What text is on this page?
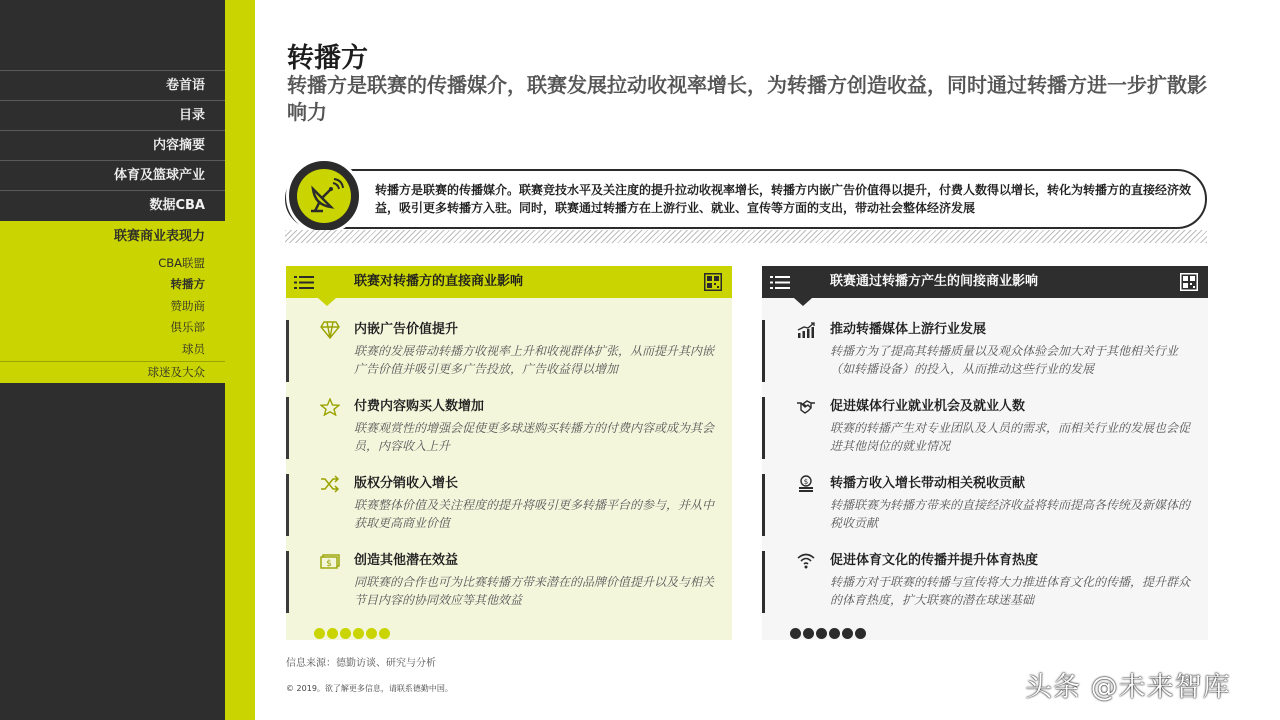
卷首语
目录
内容摘要
体育及篮球产业
数据CBA
联赛商业表现力
CBA联盟
转播方
赞助商
俱乐部
球员
球迷及大众
转播方
转播方是联赛的传播媒介，联赛发展拉动收视率增长，为转播方创造收益，同时通过转播方进一步扩散影响力
转播方是联赛的传播媒介。联赛竞技水平及关注度的提升拉动收视率增长，转播方内嵌广告价值得以提升，付费人数得以增长，转化为转播方的直接经济效益，吸引更多转播方入驻。同时，联赛通过转播方在上游行业、就业、宣传等方面的支出，带动社会整体经济发展
联赛对转播方的直接商业影响
内嵌广告价值提升
联赛的发展带动转播方收视率上升和收视群体扩张，从而提升其内嵌广告价值并吸引更多广告投放，广告收益得以增加
付费内容购买人数增加
联赛观赏性的增强会促使更多球迷购买转播方的付费内容或成为其会员，内容收入上升
版权分销收入增长
联赛整体价值及关注程度的提升将吸引更多转播平台的参与，并从中获取更高商业价值
$ 创造其他潜在效益
同联赛的合作也可为比赛转播方带来潜在的品牌价值提升以及与相关节目内容的协同效应等其他效益
联赛通过转播方产生的间接商业影响
推动转播媒体上游行业发展
转播方为了提高其转播质量以及观众体验会加大对于其他相关行业（如转播设备）的投入，从而推动这些行业的发展
促进媒体行业就业机会及就业人数
联赛的转播产生对专业团队及人员的需求，而相关行业的发展也会促进其他岗位的就业情况
$ 转播方收入增长带动相关税收贡献
转播联赛为转播方带来的直接经济收益将转而提高各传统及新媒体的税收贡献
促进体育文化的传播并提升体育热度
转播方对于联赛的转播与宣传将大力推进体育文化的传播，提升群众的体育热度，扩大联赛的潜在球迷基础
信息来源：德勤访谈、研究与分析
© 2019。欲了解更多信息，请联系德勤中国。	头条 @未来智库
